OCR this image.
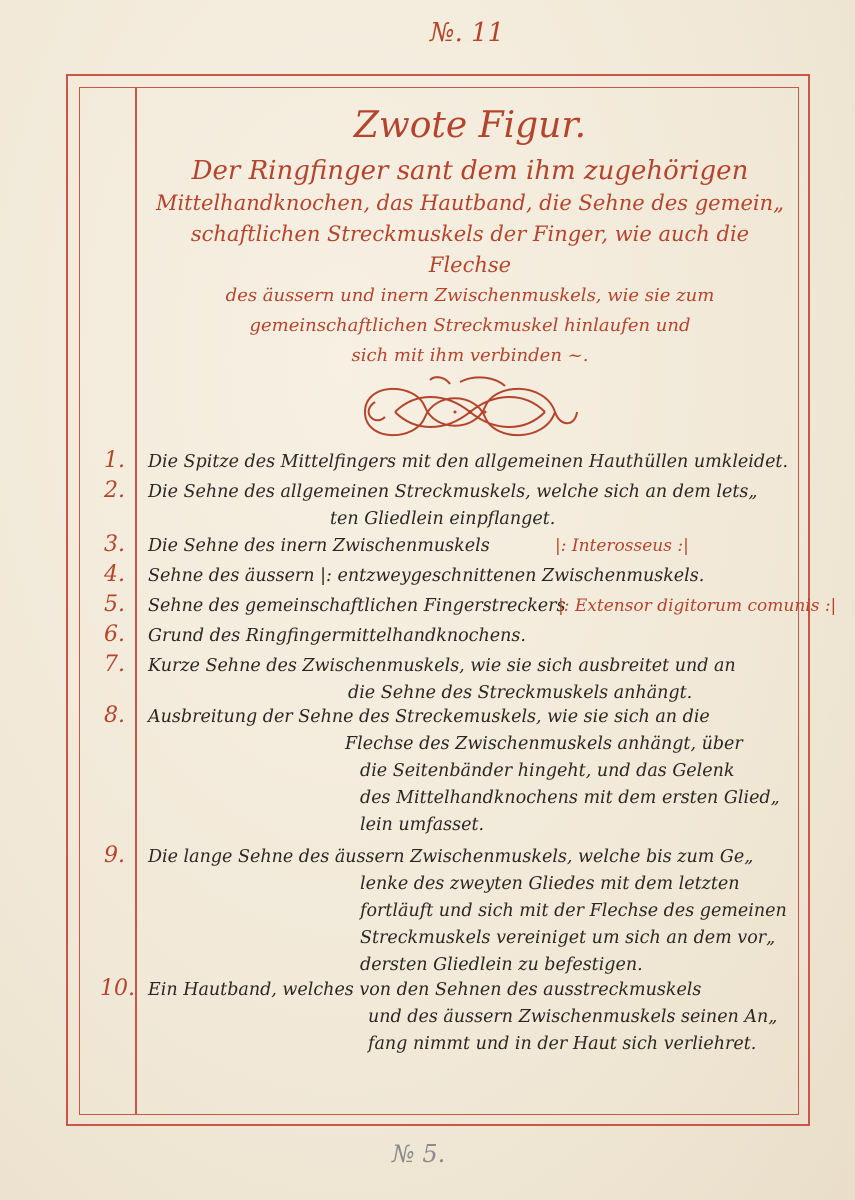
№. 11
Zwote Figur.
Der Ringfinger sant dem ihm zugehörigen
Mittelhandknochen, das Hautband, die Sehne des gemein„
schaftlichen Streckmuskels der Finger, wie auch die Flechse
des äussern und inern Zwischenmuskels, wie sie zum
gemeinschaftlichen Streckmuskel hinlaufen und
sich mit ihm verbinden ~.
1. Die Spitze des Mittelfingers mit den allgemeinen Hauthüllen umkleidet.
2. Die Sehne des allgemeinen Streckmuskels, welche sich an dem lets„
ten Gliedlein einpflanget.
3. Die Sehne des inern Zwischenmuskels	|: Interosseus :|
4. Sehne des äussern |: entzweygeschnittenen Zwischenmuskels.
5. Sehne des gemeinschaftlichen Fingerstreckers
|: Extensor digitorum comunis :|
6. Grund des Ringfingermittelhandknochens.
7. Kurze Sehne des Zwischenmuskels, wie sie sich ausbreitet und an
die Sehne des Streckmuskels anhängt.
8. Ausbreitung der Sehne des Streckemuskels, wie sie sich an die
Flechse des Zwischenmuskels anhängt, über
die Seitenbänder hingeht, und das Gelenk
des Mittelhandknochens mit dem ersten Glied„
lein umfasset.
9. Die lange Sehne des äussern Zwischenmuskels, welche bis zum Ge„
lenke des zweyten Gliedes mit dem letzten
fortläuft und sich mit der Flechse des gemeinen
Streckmuskels vereiniget um sich an dem vor„
dersten Gliedlein zu befestigen.
10. Ein Hautband, welches von den Sehnen des ausstreckmuskels
und des äussern Zwischenmuskels seinen An„
fang nimmt und in der Haut sich verliehret.
№ 5.
